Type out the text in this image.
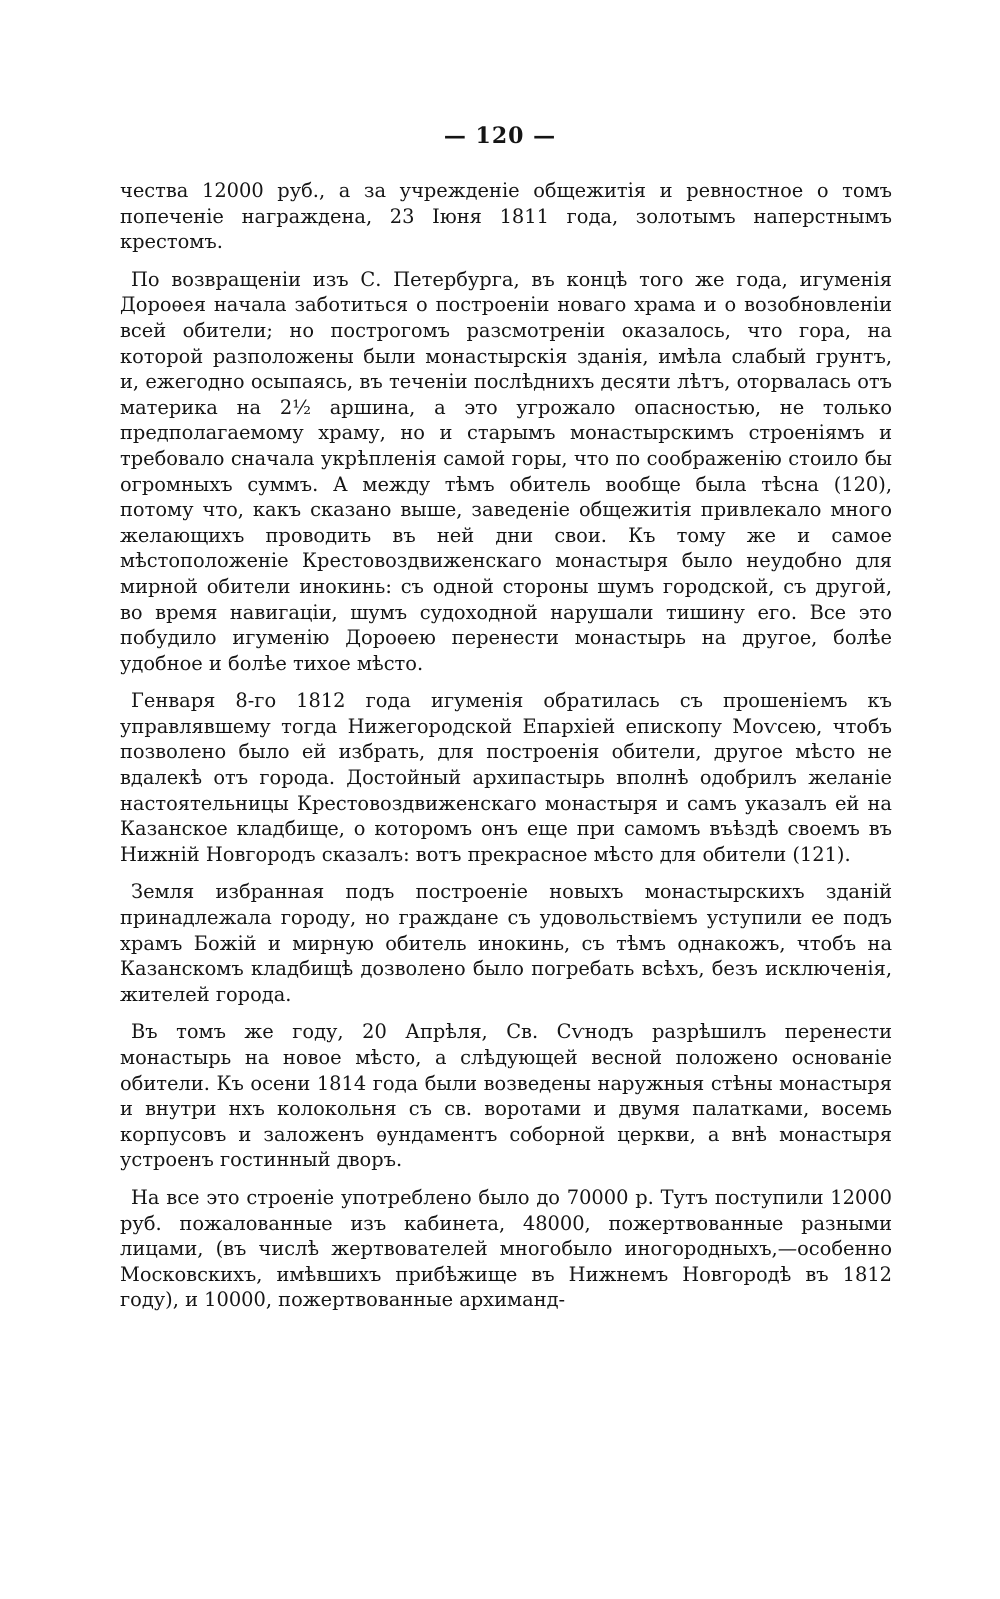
— 120 —

чества 12000 руб., а за учрежденіе общежитія и ревностное о томъ попеченіе награждена, 23 Іюня 1811 года, золотымъ наперстнымъ крестомъ.

По возвращеніи изъ С. Петербурга, въ концѣ того же года, игуменія Дороѳея начала заботиться о построеніи новаго храма и о возобновленіи всей обители; но построгомъ разсмотреніи оказалось, что гора, на которой разположены были монастырскія зданія, имѣла слабый грунтъ, и, ежегодно осыпаясь, въ теченіи послѣднихъ десяти лѣтъ, оторвалась отъ материка на 2½ аршина, а это угрожало опасностью, не только предполагаемому храму, но и старымъ монастырскимъ строеніямъ и требовало сначала укрѣпленія самой горы, что по соображенію стоило бы огромныхъ суммъ. А между тѣмъ обитель вообще была тѣсна (120), потому что, какъ сказано выше, заведеніе общежитія привлекало много желающихъ проводить въ ней дни свои. Къ тому же и самое мѣстоположеніе Крестовоздвиженскаго монастыря было неудобно для мирной обители инокинь: съ одной стороны шумъ городской, съ другой, во время навигаціи, шумъ судоходной нарушали тишину его. Все это побудило игуменію Дороѳею перенести монастырь на другое, болѣе удобное и болѣе тихое мѣсто.

Генваря 8-го 1812 года игуменія обратилась съ прошеніемъ къ управлявшему тогда Нижегородской Епархіей епископу Моѵсею, чтобъ позволено было ей избрать, для построенія обители, другое мѣсто не вдалекѣ отъ города. Достойный архипастырь вполнѣ одобрилъ желаніе настоятельницы Крестовоздвиженскаго монастыря и самъ указалъ ей на Казанское кладбище, о которомъ онъ еще при самомъ въѣздѣ своемъ въ Нижній Новгородъ сказалъ: вотъ прекрасное мѣсто для обители (121).

Земля избранная подъ построеніе новыхъ монастырскихъ зданій принадлежала городу, но граждане съ удовольствіемъ уступили ее подъ храмъ Божій и мирную обитель инокинь, съ тѣмъ однакожъ, чтобъ на Казанскомъ кладбищѣ дозволено было погребать всѣхъ, безъ исключенія, жителей города.

Въ томъ же году, 20 Апрѣля, Св. Сѵнодъ разрѣшилъ перенести монастырь на новое мѣсто, а слѣдующей весной положено основаніе обители. Къ осени 1814 года были возведены наружныя стѣны монастыря и внутри нхъ колокольня съ св. воротами и двумя палатками, восемь корпусовъ и заложенъ ѳундаментъ соборной церкви, а внѣ монастыря устроенъ гостинный дворъ.

На все это строеніе употреблено было до 70000 р. Тутъ поступили 12000 руб. пожалованные изъ кабинета, 48000, пожертвованные разными лицами, (въ числѣ жертвователей многобыло иногородныхъ,—особенно Московскихъ, имѣвшихъ прибѣжище въ Нижнемъ Новгородѣ въ 1812 году), и 10000, пожертвованные архиманд-
